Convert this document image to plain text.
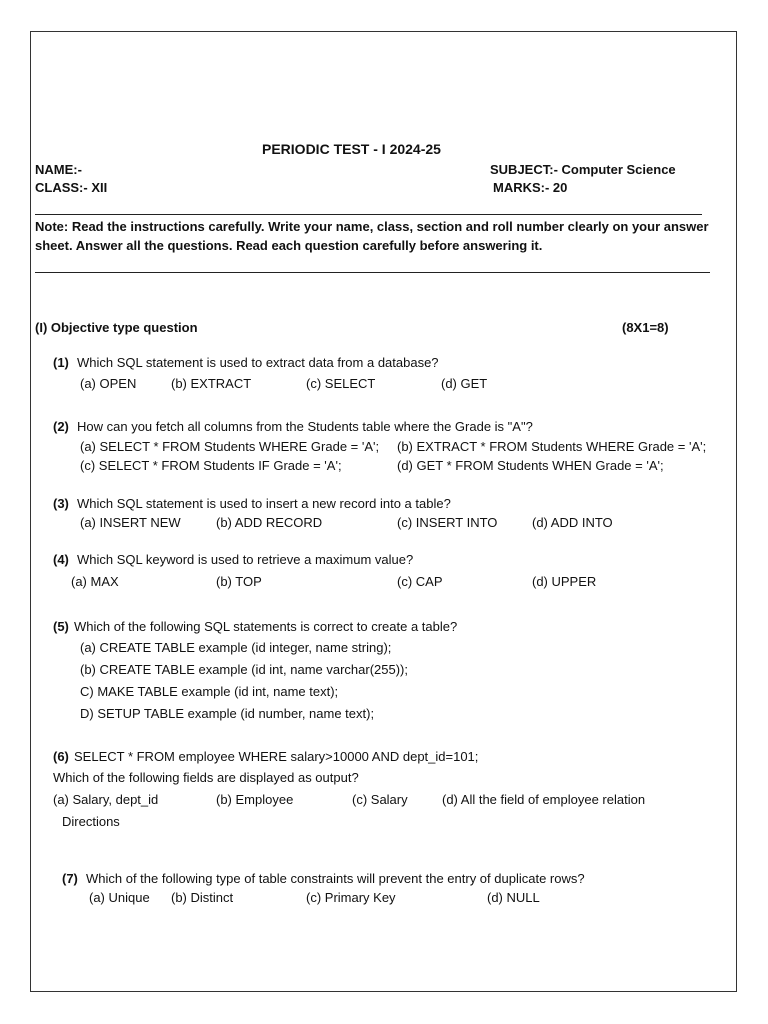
PERIODIC TEST - I 2024-25
NAME:-	SUBJECT:- Computer Science
CLASS:- XII	MARKS:- 20
Note: Read the instructions carefully. Write your name, class, section and roll number clearly on your answer
sheet. Answer all the questions. Read each question carefully before answering it.
(I) Objective type question	(8X1=8)
(1) Which SQL statement is used to extract data from a database?
(a) OPEN	(b) EXTRACT	(c) SELECT	(d) GET
(2) How can you fetch all columns from the Students table where the Grade is "A"?
(a) SELECT * FROM Students WHERE Grade = 'A'; (b) EXTRACT * FROM Students WHERE Grade = 'A';
(c) SELECT * FROM Students IF Grade = 'A';	(d) GET * FROM Students WHEN Grade = 'A';
(3) Which SQL statement is used to insert a new record into a table?
(a) INSERT NEW	(b) ADD RECORD	(c) INSERT INTO	(d) ADD INTO
(4) Which SQL keyword is used to retrieve a maximum value?
(a) MAX	(b) TOP	(c) CAP	(d) UPPER
(5) Which of the following SQL statements is correct to create a table?
(a) CREATE TABLE example (id integer, name string);
(b) CREATE TABLE example (id int, name varchar(255));
C) MAKE TABLE example (id int, name text);
D) SETUP TABLE example (id number, name text);
(6) SELECT * FROM employee WHERE salary>10000 AND dept_id=101;
Which of the following fields are displayed as output?
(a) Salary, dept_id	(b) Employee	(c) Salary	(d) All the field of employee relation
Directions
(7) Which of the following type of table constraints will prevent the entry of duplicate rows?
(a) Unique (b) Distinct	(c) Primary Key	(d) NULL
